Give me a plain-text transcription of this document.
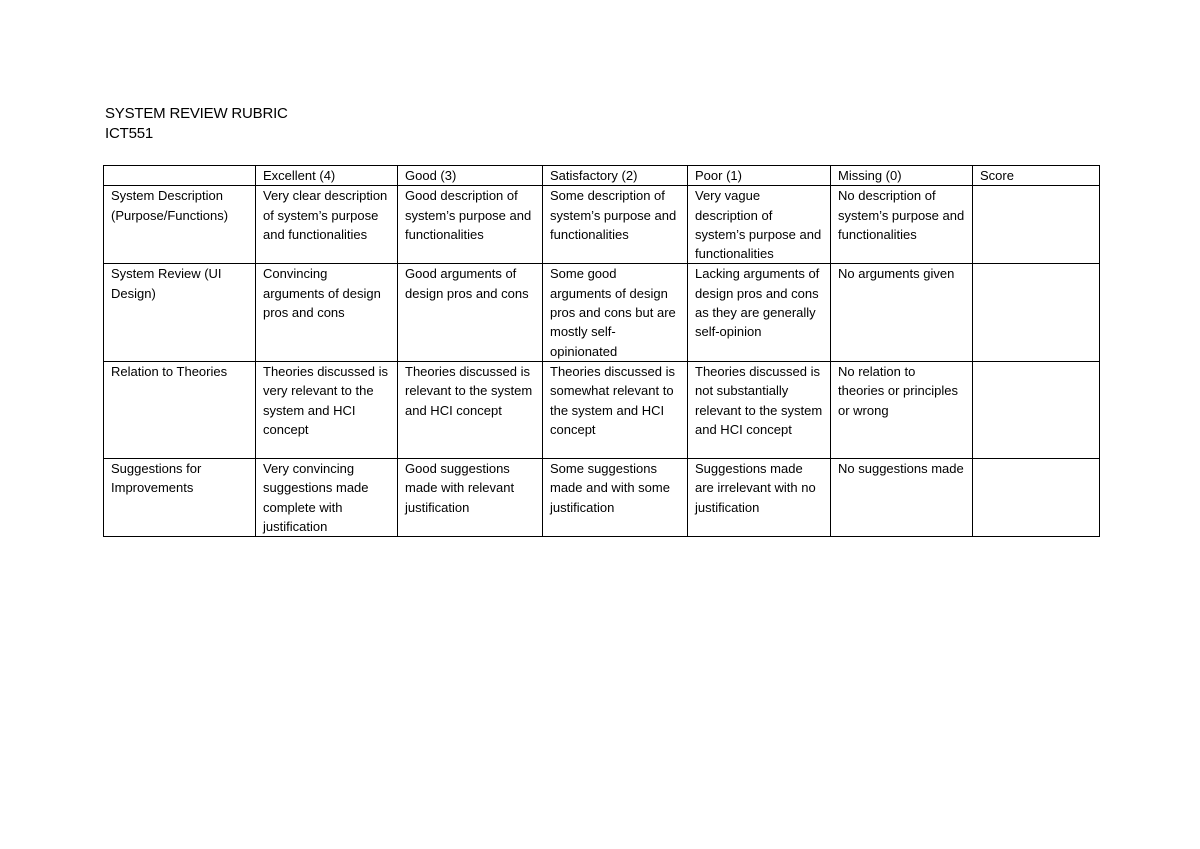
SYSTEM REVIEW RUBRIC
ICT551
	Excellent (4)	Good (3)	Satisfactory (2)	Poor (1)	Missing (0)	Score
System Description (Purpose/Functions)	Very clear description of system’s purpose and functionalities	Good description of system’s purpose and functionalities	Some description of system’s purpose and functionalities	Very vague description of system’s purpose and functionalities	No description of system’s purpose and functionalities	
System Review (UI Design)	Convincing arguments of design pros and cons	Good arguments of design pros and cons	Some good arguments of design pros and cons but are mostly self-opinionated	Lacking arguments of design pros and cons as they are generally self-opinion	No arguments given	
Relation to Theories	Theories discussed is very relevant to the system and HCI concept	Theories discussed is relevant to the system and HCI concept	Theories discussed is somewhat relevant to the system and HCI concept	Theories discussed is not substantially relevant to the system and HCI concept	No relation to theories or principles or wrong	
Suggestions for Improvements	Very convincing suggestions made complete with justification	Good suggestions made with relevant justification	Some suggestions made and with some justification	Suggestions made are irrelevant with no justification	No suggestions made	
